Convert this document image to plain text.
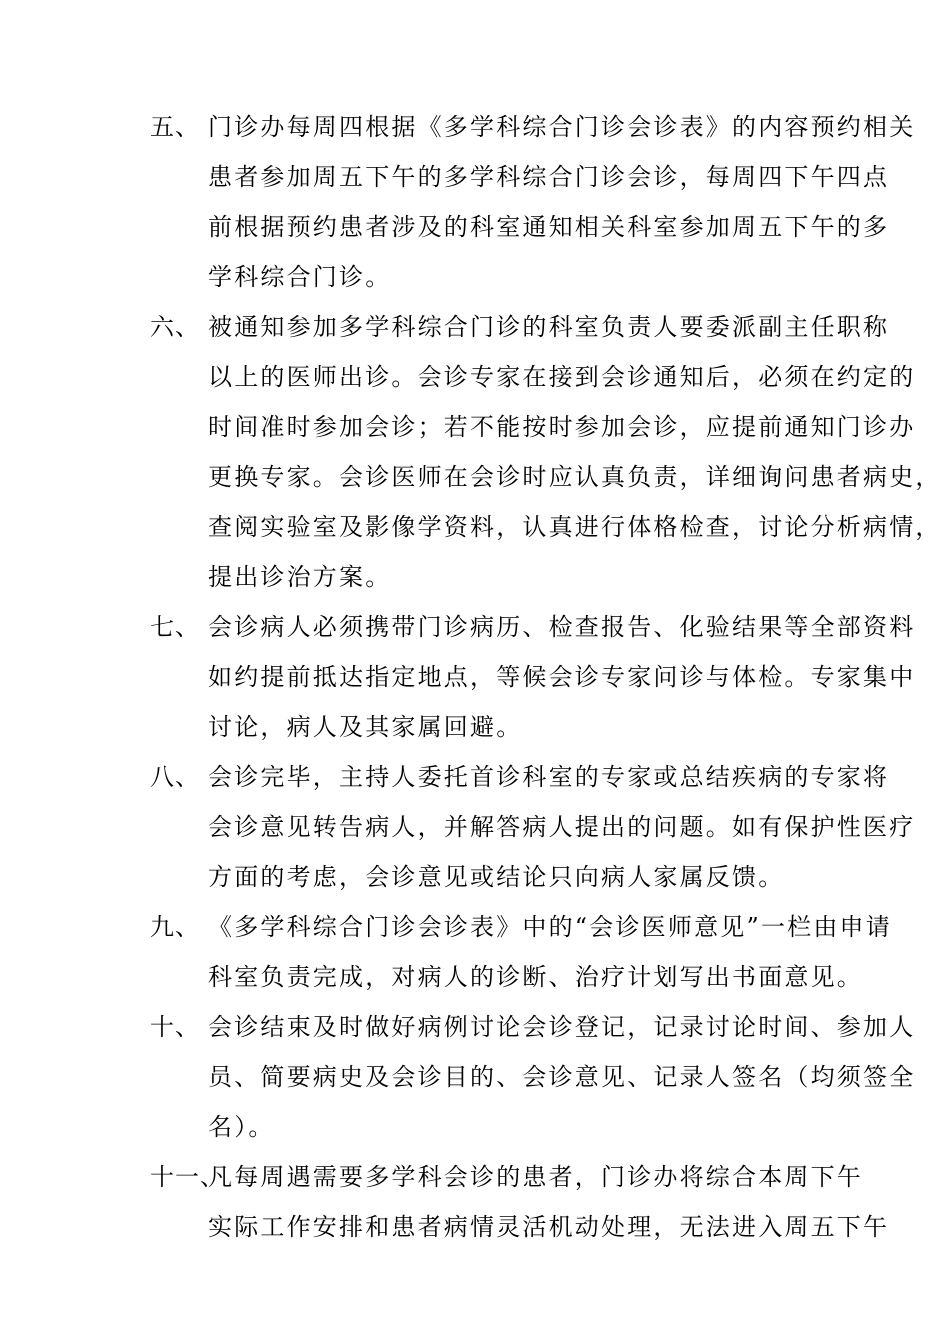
五、 门诊办每周四根据《多学科综合门诊会诊表》的内容预约相关
患者参加周五下午的多学科综合门诊会诊，每周四下午四点
前根据预约患者涉及的科室通知相关科室参加周五下午的多
学科综合门诊。
六、 被通知参加多学科综合门诊的科室负责人要委派副主任职称
以上的医师出诊。会诊专家在接到会诊通知后，必须在约定的
时间准时参加会诊；若不能按时参加会诊，应提前通知门诊办
更换专家。会诊医师在会诊时应认真负责，详细询问患者病史，
查阅实验室及影像学资料，认真进行体格检查，讨论分析病情，
提出诊治方案。
七、 会诊病人必须携带门诊病历、检查报告、化验结果等全部资料
如约提前抵达指定地点，等候会诊专家问诊与体检。专家集中
讨论，病人及其家属回避。
八、 会诊完毕，主持人委托首诊科室的专家或总结疾病的专家将
会诊意见转告病人，并解答病人提出的问题。如有保护性医疗
方面的考虑，会诊意见或结论只向病人家属反馈。
九、 《多学科综合门诊会诊表》中的“会诊医师意见”一栏由申请
科室负责完成，对病人的诊断、治疗计划写出书面意见。
十、 会诊结束及时做好病例讨论会诊登记，记录讨论时间、参加人
员、简要病史及会诊目的、会诊意见、记录人签名（均须签全
名）。
十一、
凡每周遇需要多学科会诊的患者，门诊办将综合本周下午
实际工作安排和患者病情灵活机动处理，无法进入周五下午
